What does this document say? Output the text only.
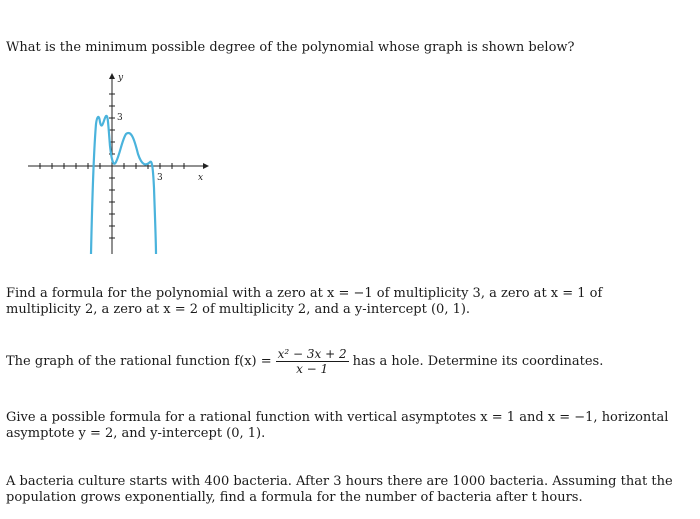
What is the minimum possible degree of the polynomial whose graph is shown below?
y
x
3
3
Find a formula for the polynomial with a zero at x = −1 of multiplicity 3, a zero at x = 1 of multiplicity 2, a zero at x = 2 of multiplicity 2, and a y-intercept (0, 1).
The graph of the rational function $f(x) = \frac{\text{x² − 3x + 2}}{x - 1}$ has a hole. Determine its coordinates.
Give a possible formula for a rational function with vertical asymptotes x = 1 and x = −1, horizontal asymptote y = 2, and y-intercept (0, 1).
A bacteria culture starts with 400 bacteria. After 3 hours there are 1000 bacteria. Assuming that the population grows exponentially, find a formula for the number of bacteria after t hours.
